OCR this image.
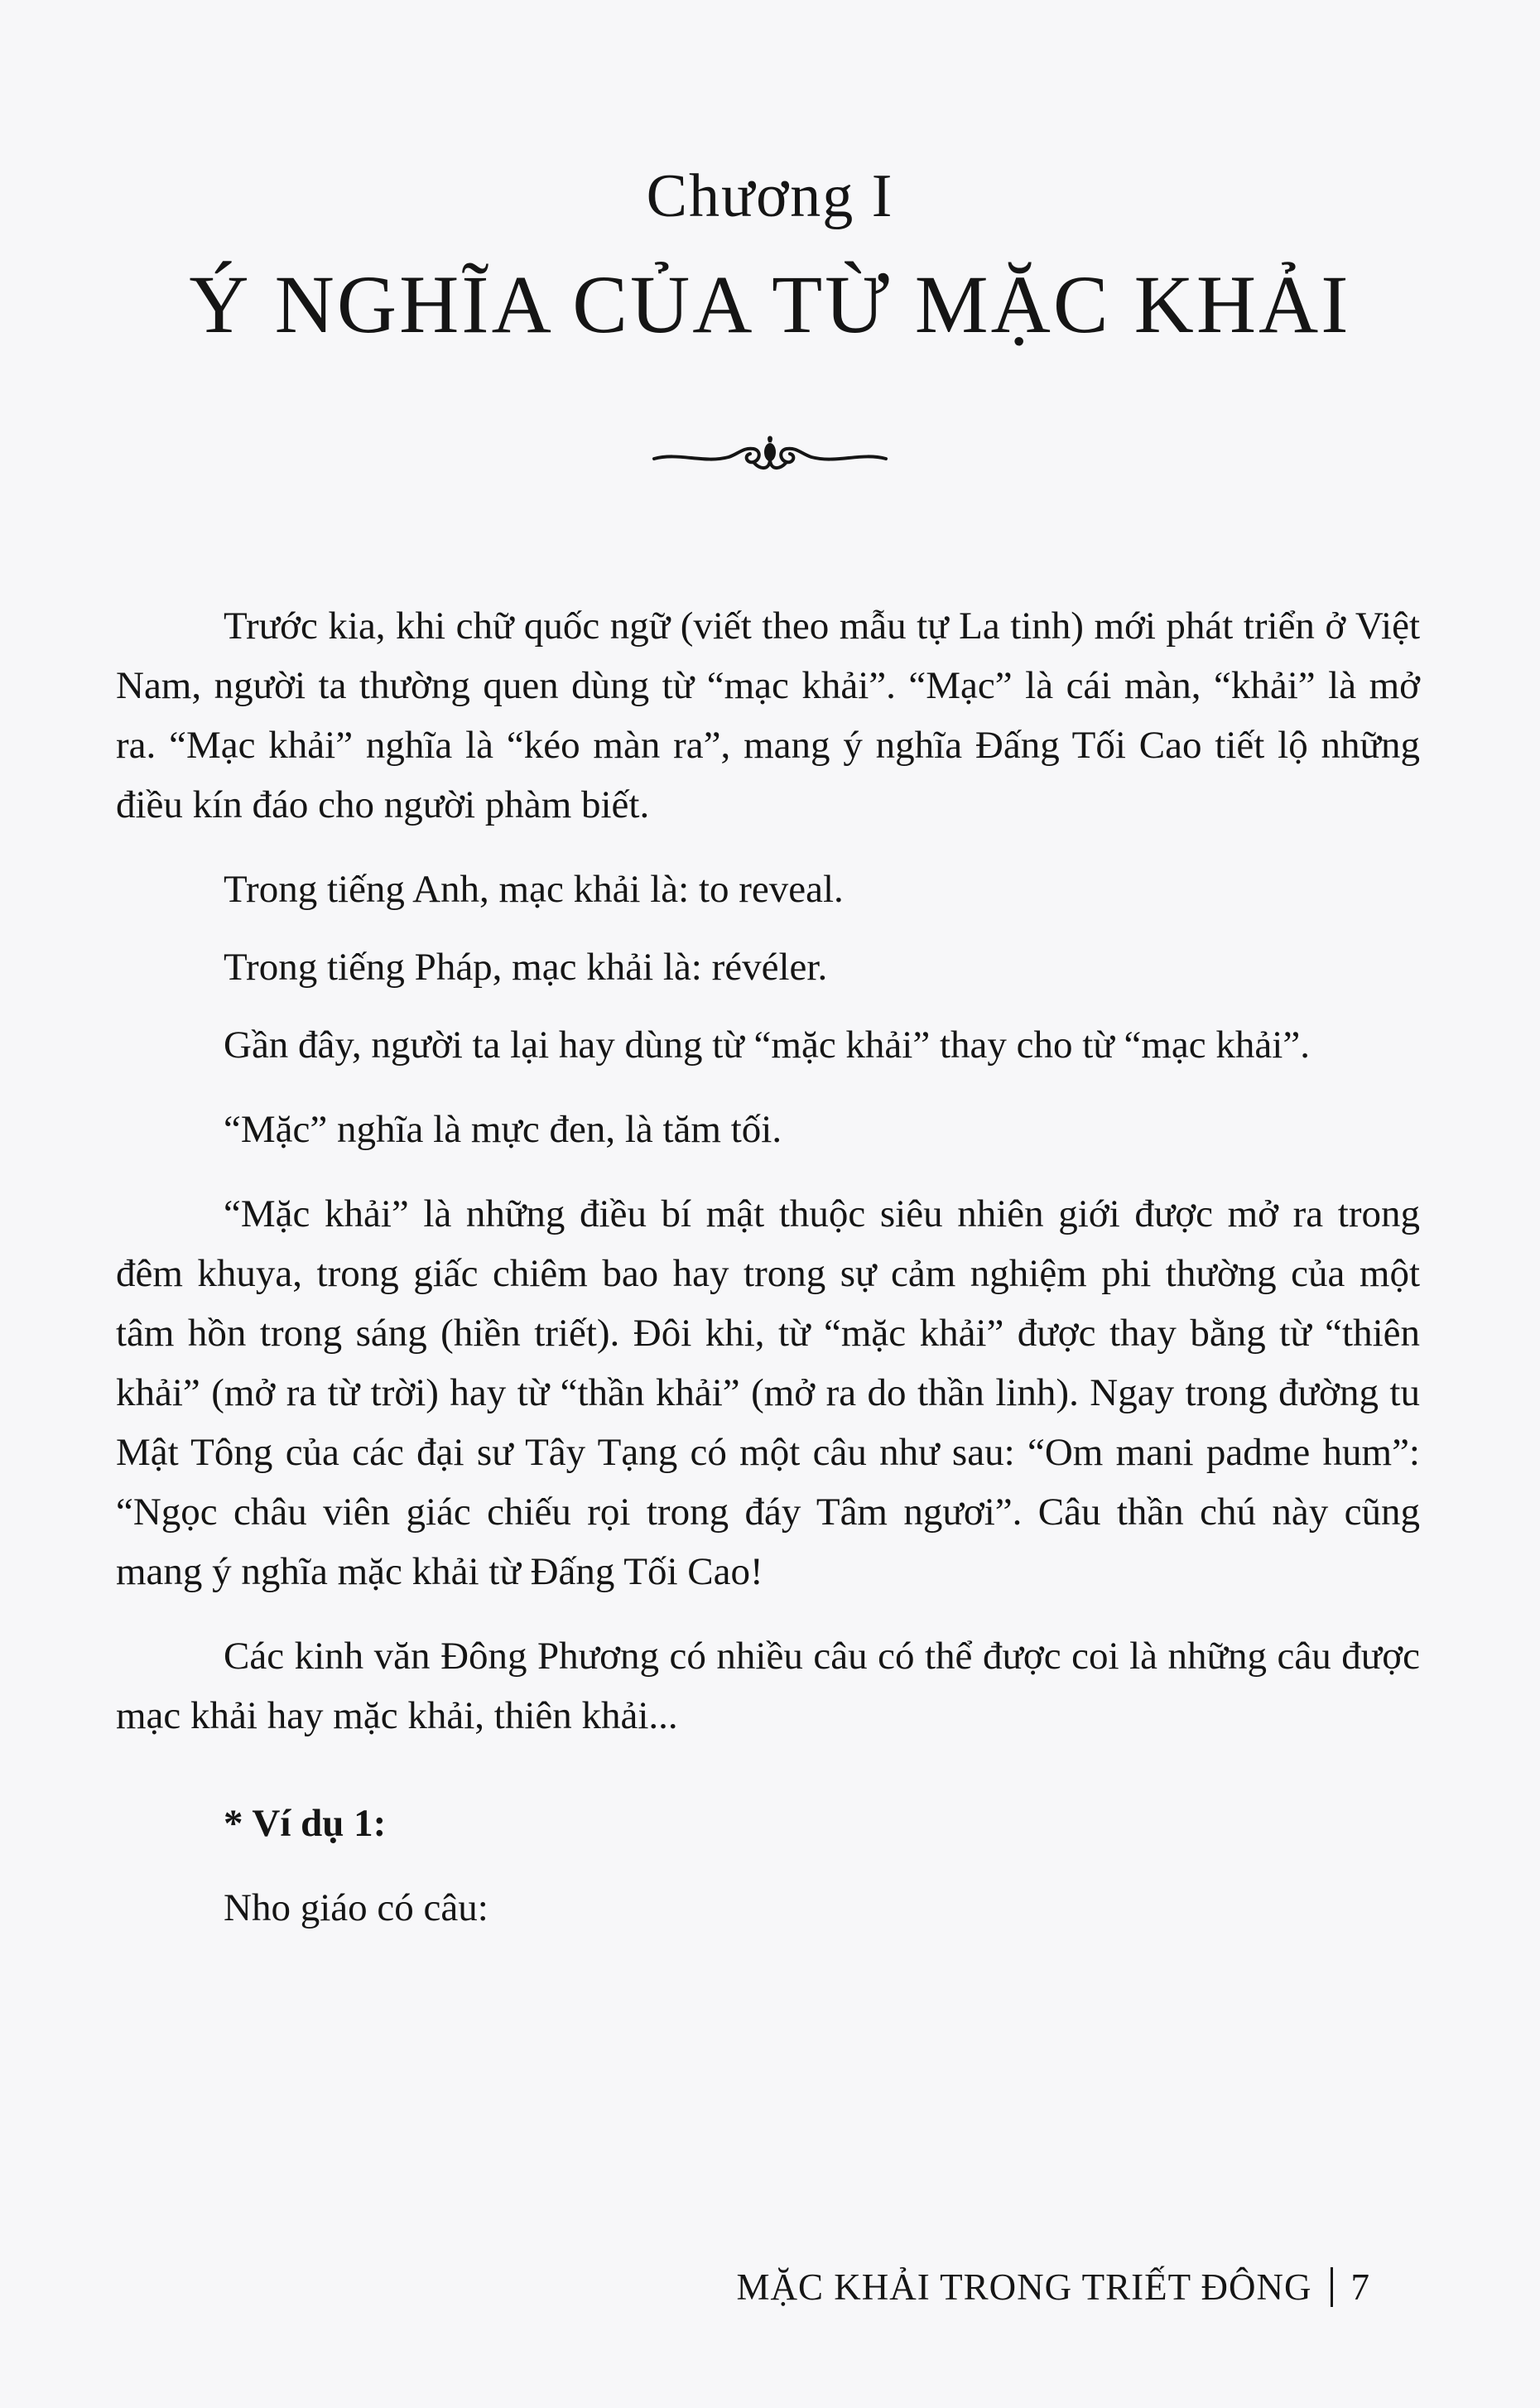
Chương I
Ý NGHĨA CỦA TỪ MẶC KHẢI

Trước kia, khi chữ quốc ngữ (viết theo mẫu tự La tinh) mới phát triển ở Việt Nam, người ta thường quen dùng từ “mạc khải”. “Mạc” là cái màn, “khải” là mở ra. “Mạc khải” nghĩa là “kéo màn ra”, mang ý nghĩa Đấng Tối Cao tiết lộ những điều kín đáo cho người phàm biết.

Trong tiếng Anh, mạc khải là: to reveal.

Trong tiếng Pháp, mạc khải là: révéler.

Gần đây, người ta lại hay dùng từ “mặc khải” thay cho từ “mạc khải”.

“Mặc” nghĩa là mực đen, là tăm tối.

“Mặc khải” là những điều bí mật thuộc siêu nhiên giới được mở ra trong đêm khuya, trong giấc chiêm bao hay trong sự cảm nghiệm phi thường của một tâm hồn trong sáng (hiền triết). Đôi khi, từ “mặc khải” được thay bằng từ “thiên khải” (mở ra từ trời) hay từ “thần khải” (mở ra do thần linh). Ngay trong đường tu Mật Tông của các đại sư Tây Tạng có một câu như sau: “Om mani padme hum”: “Ngọc châu viên giác chiếu rọi trong đáy Tâm ngươi”. Câu thần chú này cũng mang ý nghĩa mặc khải từ Đấng Tối Cao!

Các kinh văn Đông Phương có nhiều câu có thể được coi là những câu được mạc khải hay mặc khải, thiên khải...

* Ví dụ 1:

Nho giáo có câu:

MẶC KHẢI TRONG TRIẾT ĐÔNG 7
